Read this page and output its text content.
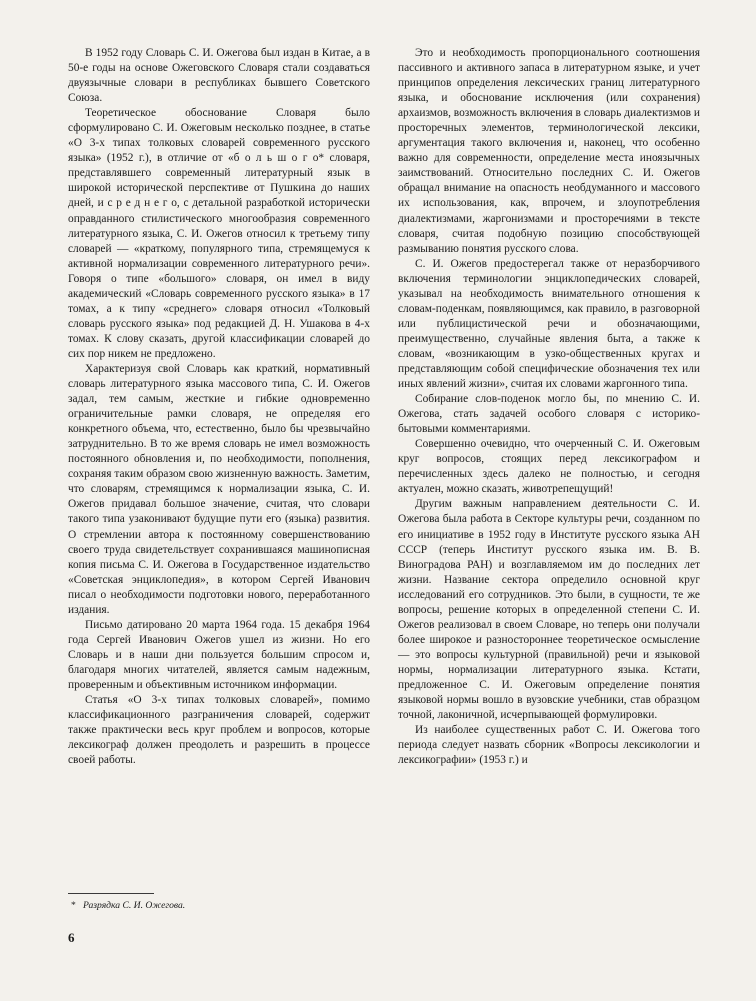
В 1952 году Словарь С. И. Ожегова был издан в Китае, а в 50-е годы на основе Ожеговского Словаря стали создаваться двуязычные словари в республиках бывшего Советского Союза.

Теоретическое обоснование Словаря было сформулировано С. И. Ожеговым несколько позднее, в статье «О 3-х типах толковых словарей современного русского языка» (1952 г.), в отличие от «б о л ь ш о г о* словаря, представлявшего современный литературный язык в широкой исторической перспективе от Пушкина до наших дней, и с р е д н е г о, с детальной разработкой исторически оправданного стилистического многообразия современного литературного языка, С. И. Ожегов относил к третьему типу словарей — «краткому, популярного типа, стремящемуся к активной нормализации современного литературного речи». Говоря о типе «большого» словаря, он имел в виду академический «Словарь современного русского языка» в 17 томах, а к типу «среднего» словаря относил «Толковый словарь русского языка» под редакцией Д. Н. Ушакова в 4-х томах. К слову сказать, другой классификации словарей до сих пор никем не предложено.

Характеризуя свой Словарь как краткий, нормативный словарь литературного языка массового типа, С. И. Ожегов задал, тем самым, жесткие и гибкие одновременно ограничительные рамки словаря, не определяя его конкретного объема, что, естественно, было бы чрезвычайно затруднительно. В то же время словарь не имел возможность постоянного обновления и, по необходимости, пополнения, сохраняя таким образом свою жизненную важность. Заметим, что словарям, стремящимся к нормализации языка, С. И. Ожегов придавал большое значение, считая, что словари такого типа узаконивают будущие пути его (языка) развития. О стремлении автора к постоянному совершенствованию своего труда свидетельствует сохранившаяся машинописная копия письма С. И. Ожегова в Государственное издательство «Советская энциклопедия», в котором Сергей Иванович писал о необходимости подготовки нового, переработанного издания.

Письмо датировано 20 марта 1964 года. 15 декабря 1964 года Сергей Иванович Ожегов ушел из жизни. Но его Словарь и в наши дни пользуется большим спросом и, благодаря многих читателей, является самым надежным, проверенным и объективным источником информации.

Статья «О 3-х типах толковых словарей», помимо классификационного разграничения словарей, содержит также практически весь круг проблем и вопросов, которые лексикограф должен преодолеть и разрешить в процессе своей работы.

Это и необходимость пропорционального соотношения пассивного и активного запаса в литературном языке, и учет принципов определения лексических границ литературного языка, и обоснование исключения (или сохранения) архаизмов, возможность включения в словарь диалектизмов и просторечных элементов, терминологической лексики, аргументация такого включения и, наконец, что особенно важно для современности, определение места иноязычных заимствований. Относительно последних С. И. Ожегов обращал внимание на опасность необдуманного и массового их использования, как, впрочем, и злоупотребления диалектизмами, жаргонизмами и просторечиями в тексте словаря, считая подобную позицию способствующей размыванию понятия русского слова.

С. И. Ожегов предостерегал также от неразборчивого включения терминологии энциклопедических словарей, указывал на необходимость внимательного отношения к словам-поденкам, появляющимся, как правило, в разговорной или публицистической речи и обозначающими, преимущественно, случайные явления быта, а также к словам, «возникающим в узко-общественных кругах и представляющим собой специфические обозначения тех или иных явлений жизни», считая их словами жаргонного типа.

Собирание слов-поденок могло бы, по мнению С. И. Ожегова, стать задачей особого словаря с историко-бытовыми комментариями.

Совершенно очевидно, что очерченный С. И. Ожеговым круг вопросов, стоящих перед лексикографом и перечисленных здесь далеко не полностью, и сегодня актуален, можно сказать, животрепещущий!

Другим важным направлением деятельности С. И. Ожегова была работа в Секторе культуры речи, созданном по его инициативе в 1952 году в Институте русского языка АН СССР (теперь Институт русского языка им. В. В. Виноградова РАН) и возглавляемом им до последних лет жизни. Название сектора определило основной круг исследований его сотрудников. Это были, в сущности, те же вопросы, решение которых в определенной степени С. И. Ожегов реализовал в своем Словаре, но теперь они получали более широкое и разностороннее теоретическое осмысление — это вопросы культурной (правильной) речи и языковой нормы, нормализации литературного языка. Кстати, предложенное С. И. Ожеговым определение понятия языковой нормы вошло в вузовские учебники, став образцом точной, лаконичной, исчерпывающей формулировки.

Из наиболее существенных работ С. И. Ожегова того периода следует назвать сборник «Вопросы лексикологии и лексикографии» (1953 г.) и

* Разрядка С. И. Ожегова.

6
